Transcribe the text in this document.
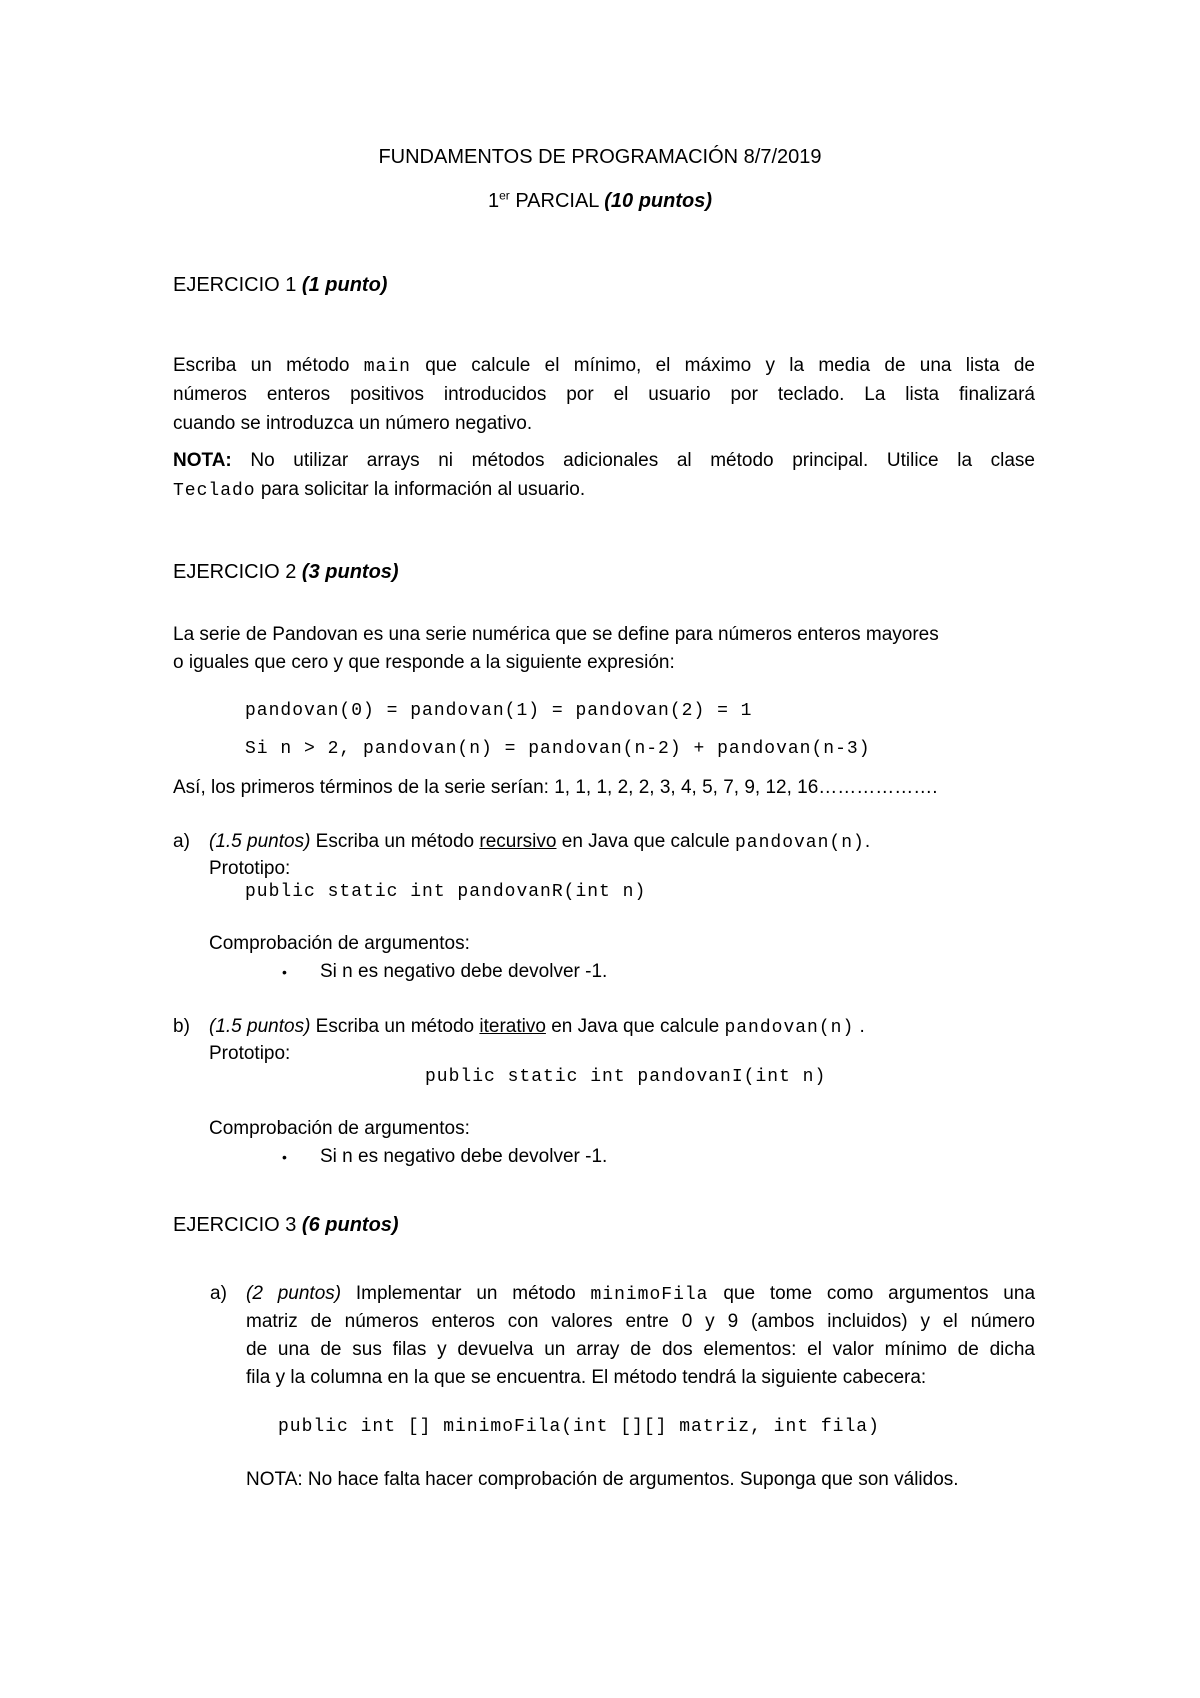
FUNDAMENTOS DE PROGRAMACIÓN 8/7/2019
1er PARCIAL (10 puntos)
EJERCICIO 1 (1 punto)
Escriba un método main que calcule el mínimo, el máximo y la media de una lista de
números enteros positivos introducidos por el usuario por teclado. La lista finalizará
cuando se introduzca un número negativo.
NOTA: No utilizar arrays ni métodos adicionales al método principal. Utilice la clase
Teclado para solicitar la información al usuario.
EJERCICIO 2 (3 puntos)
La serie de Pandovan es una serie numérica que se define para números enteros mayores
o iguales que cero y que responde a la siguiente expresión:
pandovan(0) = pandovan(1) = pandovan(2) = 1
Si n > 2, pandovan(n) = pandovan(n-2) + pandovan(n-3)
Así, los primeros términos de la serie serían: 1, 1, 1, 2, 2, 3, 4, 5, 7, 9, 12, 16……………….
a) (1.5 puntos) Escriba un método recursivo en Java que calcule pandovan(n).
Prototipo:
public static int pandovanR(int n)
Comprobación de argumentos:
• Si n es negativo debe devolver -1.
b) (1.5 puntos) Escriba un método iterativo en Java que calcule pandovan(n) .
Prototipo:
public static int pandovanI(int n)
Comprobación de argumentos:
• Si n es negativo debe devolver -1.
EJERCICIO 3 (6 puntos)
a) (2 puntos) Implementar un método minimoFila que tome como argumentos una
matriz de números enteros con valores entre 0 y 9 (ambos incluidos) y el número
de una de sus filas y devuelva un array de dos elementos: el valor mínimo de dicha
fila y la columna en la que se encuentra. El método tendrá la siguiente cabecera:
public int [] minimoFila(int [][] matriz, int fila)
NOTA: No hace falta hacer comprobación de argumentos. Suponga que son válidos.
